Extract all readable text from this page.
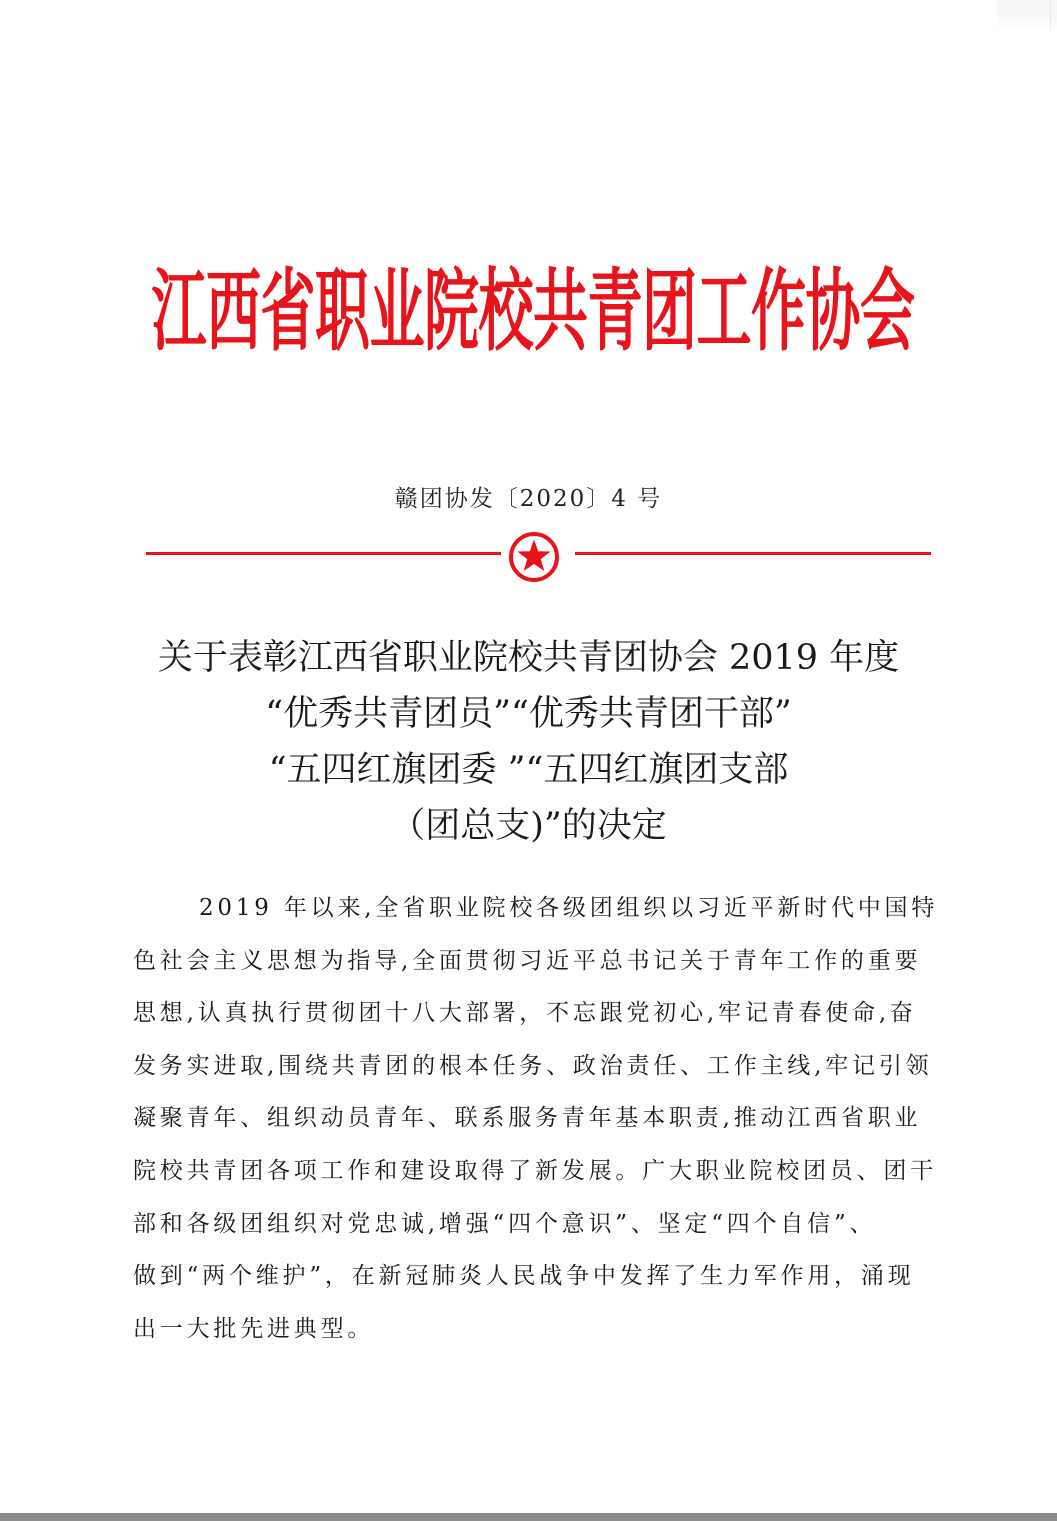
江西省职业院校共青团工作协会
赣团协发〔2020〕4 号
关于表彰江西省职业院校共青团协会 2019 年度
“优秀共青团员”“优秀共青团干部”
“五四红旗团委 ”“五四红旗团支部
（团总支)”的决定
2019 年以来,全省职业院校各级团组织以习近平新时代中国特
色社会主义思想为指导,全面贯彻习近平总书记关于青年工作的重要
思想,认真执行贯彻团十八大部署，不忘跟党初心,牢记青春使命,奋
发务实进取,围绕共青团的根本任务、政治责任、工作主线,牢记引领
凝聚青年、组织动员青年、联系服务青年基本职责,推动江西省职业
院校共青团各项工作和建设取得了新发展。广大职业院校团员、团干
部和各级团组织对党忠诚,增强“四个意识”、坚定“四个自信”、
做到“两个维护”，在新冠肺炎人民战争中发挥了生力军作用，涌现
出一大批先进典型。
